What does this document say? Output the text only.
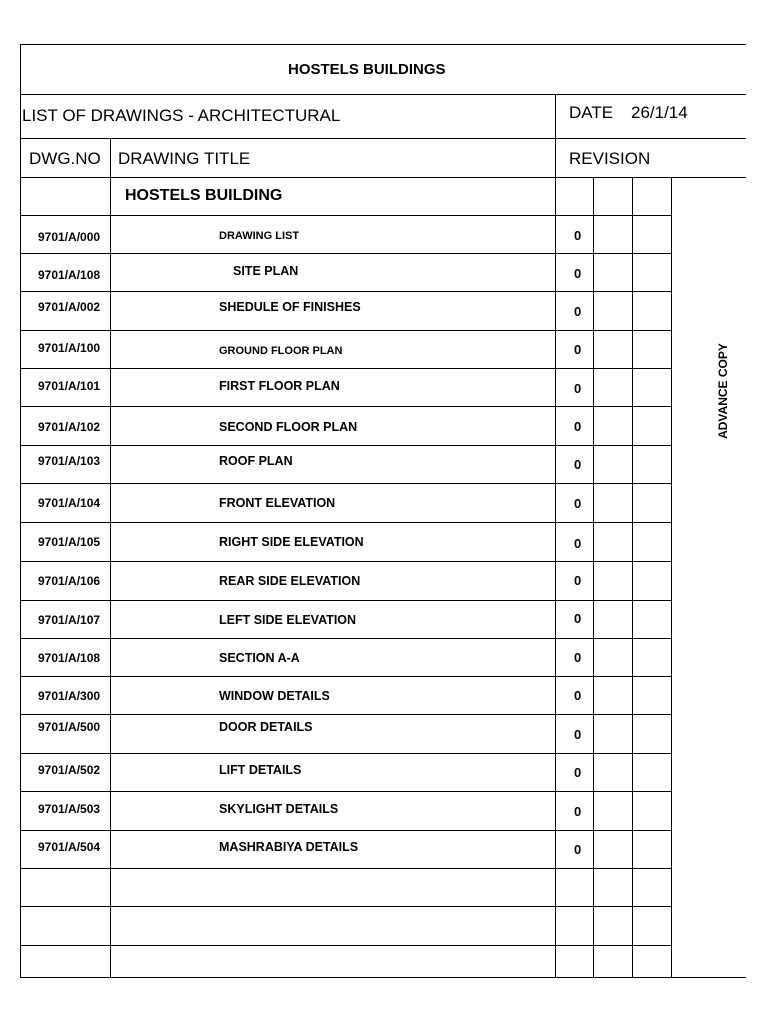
HOSTELS BUILDINGS
LIST OF DRAWINGS - ARCHITECTURAL	DATE 26/1/14
DWG.NO DRAWING TITLE	REVISION
HOSTELS BUILDING
ADVANCE COPY
9701/A/000	DRAWING LIST	0
9701/A/108	SITE PLAN	0
9701/A/002	SHEDULE OF FINISHES	0
9701/A/100	GROUND FLOOR PLAN	0
9701/A/101	FIRST FLOOR PLAN	0
9701/A/102	SECOND FLOOR PLAN	0
9701/A/103	ROOF PLAN	0
9701/A/104	FRONT ELEVATION	0
9701/A/105	RIGHT SIDE ELEVATION	0
9701/A/106	REAR SIDE ELEVATION	0
9701/A/107	LEFT SIDE ELEVATION	0
9701/A/108	SECTION A-A	0
9701/A/300	WINDOW DETAILS	0
9701/A/500	DOOR DETAILS	0
9701/A/502	LIFT DETAILS	0
9701/A/503	SKYLIGHT DETAILS	0
9701/A/504	MASHRABIYA DETAILS	0
